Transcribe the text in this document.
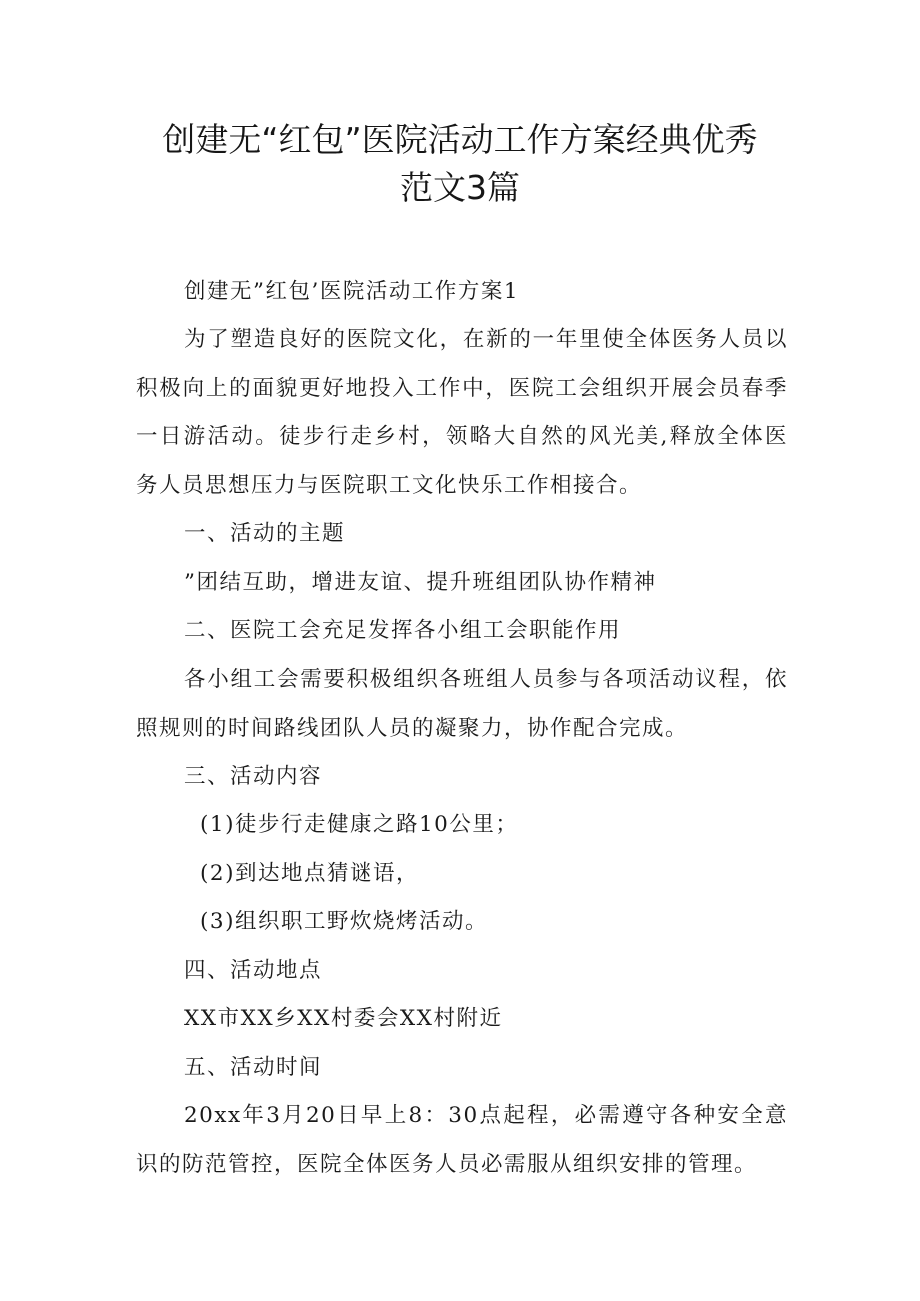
创建无“红包”医院活动工作方案经典优秀
范文3篇

创建无”红包’医院活动工作方案1

为了塑造良好的医院文化，在新的一年里使全体医务人员以积极向上的面貌更好地投入工作中，医院工会组织开展会员春季一日游活动。徒步行走乡村，领略大自然的风光美,释放全体医务人员思想压力与医院职工文化快乐工作相接合。

一、活动的主题

”团结互助，增进友谊、提升班组团队协作精神

二、医院工会充足发挥各小组工会职能作用

各小组工会需要积极组织各班组人员参与各项活动议程，依照规则的时间路线团队人员的凝聚力，协作配合完成。

三、活动内容

(1)徒步行走健康之路10公里；

(2)到达地点猜谜语，

(3)组织职工野炊烧烤活动。

四、活动地点

XX市XX乡XX村委会XX村附近

五、活动时间

20xx年3月20日早上8：30点起程，必需遵守各种安全意识的防范管控，医院全体医务人员必需服从组织安排的管理。
